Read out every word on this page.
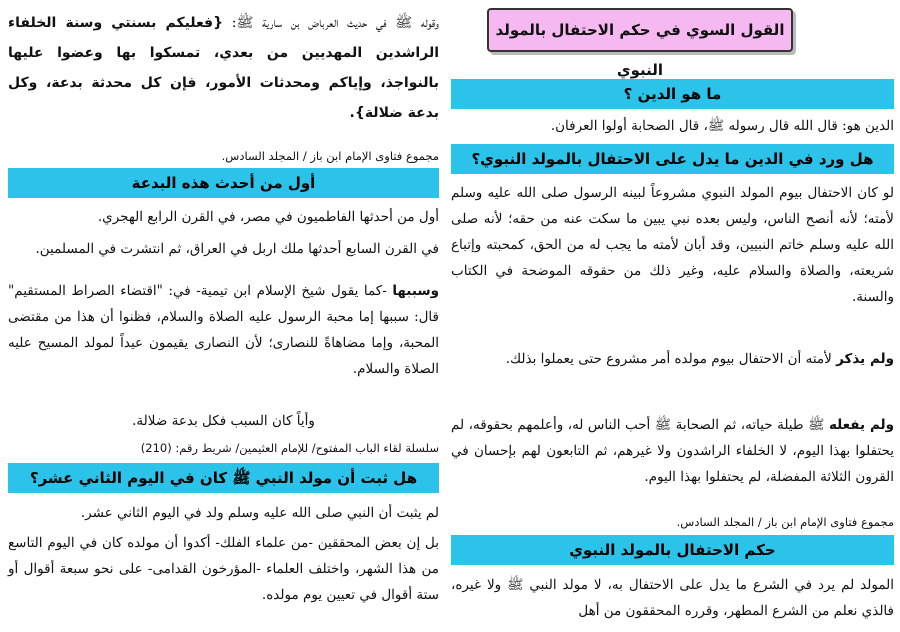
القول السوي في حكم الاحتفال بالمولد النبوي
ما هو الدين ؟

الدين هو: قال الله قال رسوله ﷺ، قال الصحابة أولوا العرفان.

هل ورد في الدين ما يدل على الاحتفال بالمولد النبوي؟

لو كان الاحتفال بيوم المولد النبوي مشروعاً لبينه الرسول صلى الله عليه وسلم لأمته؛ لأنه أنصح الناس، وليس بعده نبي يبين ما سكت عنه من حقه؛ لأنه صلى الله عليه وسلم خاتم النبيين، وقد أبان لأمته ما يجب له من الحق، كمحبته وإتباع شريعته، والصلاة والسلام عليه، وغير ذلك من حقوقه الموضحة في الكتاب والسنة.

ولم يذكر لأمته أن الاحتفال بيوم مولده أمر مشروع حتى يعملوا بذلك.

ولم يفعله ﷺ طيلة حياته، ثم الصحابة ﷺ أحب الناس له، وأعلمهم بحقوقه، لم يحتفلوا بهذا اليوم، لا الخلفاء الراشدون ولا غيرهم، ثم التابعون لهم بإحسان في القرون الثلاثة المفضلة، لم يحتفلوا بهذا اليوم.

مجموع فتاوى الإمام ابن باز / المجلد السادس.
حكم الاحتفال بالمولد النبوي

المولد لم يرد في الشرع ما يدل على الاحتفال به، لا مولد النبي ﷺ ولا غيره، فالذي نعلم من الشرع المطهر، وقرره المحققون من أهل

وقوله ﷺ في حديث العرباض بن سارية ﷺ: {فعليكم بسنتي وسنة الخلفاء الراشدين المهديين من بعدي، تمسكوا بها وعضوا عليها بالنواجذ، وإياكم ومحدثات الأمور، فإن كل محدثة بدعة، وكل بدعة ضلالة}.
مجموع فتاوى الإمام ابن باز / المجلد السادس.
أول من أحدث هذه البدعة

أول من أحدثها الفاطميون في مصر، في القرن الرابع الهجري.

في القرن السابع أحدثها ملك اربل في العراق، ثم انتشرت في المسلمين.

وسببها -كما يقول شيخ الإسلام ابن تيمية- في: "اقتضاء الصراط المستقيم" قال: سببها إما محبة الرسول عليه الصلاة والسلام، فظنوا أن هذا من مقتضى المحبة، وإما مضاهاةً للنصارى؛ لأن النصارى يقيمون عيداً لمولد المسيح عليه الصلاة والسلام.

وأياً كان السبب فكل بدعة ضلالة.

سلسلة لقاء الباب المفتوح/ للإمام العثيمين/ شريط رقم: (210)
هل ثبت أن مولد النبي ﷺ كان في اليوم الثاني عشر؟

لم يثبت أن النبي صلى الله عليه وسلم ولد في اليوم الثاني عشر.

بل إن بعض المحققين -من علماء الفلك- أكدوا أن مولده كان في اليوم التاسع من هذا الشهر، واختلف العلماء -المؤرخون القدامى- على نحو سبعة أقوال أو ستة أقوال في تعيين يوم مولده.
